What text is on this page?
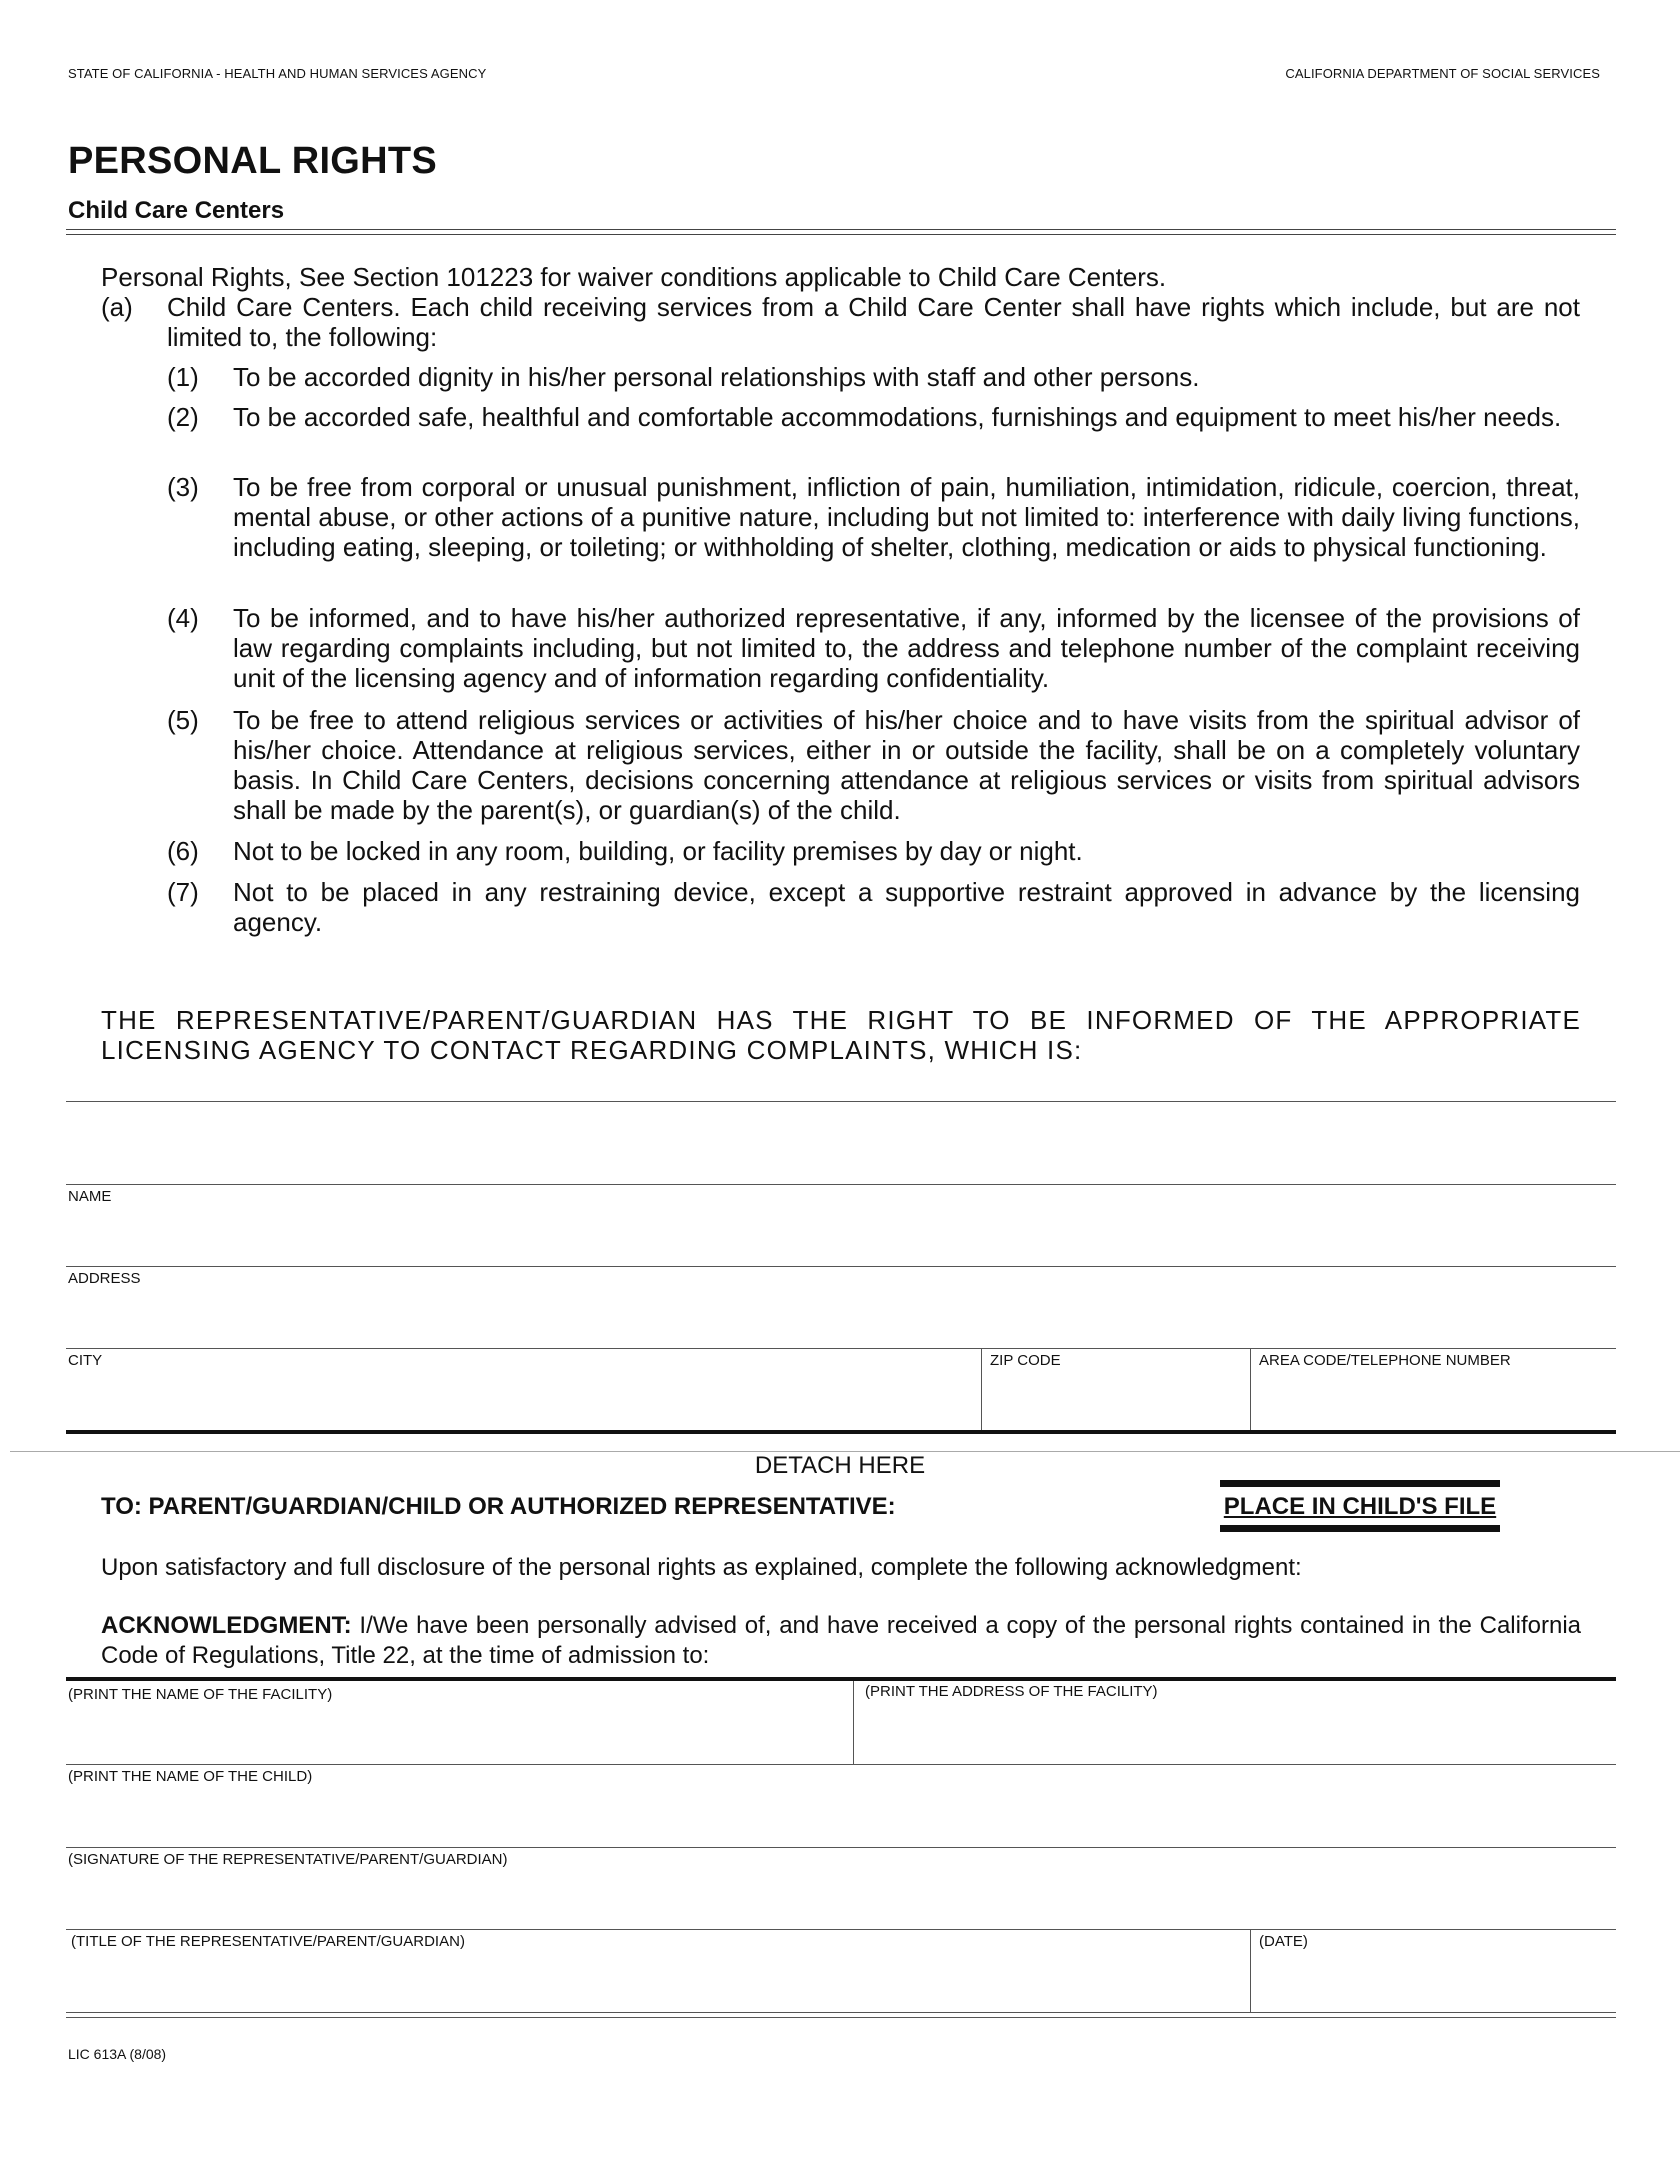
STATE OF CALIFORNIA - HEALTH AND HUMAN SERVICES AGENCY	CALIFORNIA DEPARTMENT OF SOCIAL SERVICES
PERSONAL RIGHTS
Child Care Centers
Personal Rights, See Section 101223 for waiver conditions applicable to Child Care Centers.
(a) Child Care Centers. Each child receiving services from a Child Care Center shall have rights which include, but are not limited to, the following:
(1) To be accorded dignity in his/her personal relationships with staff and other persons.
(2) To be accorded safe, healthful and comfortable accommodations, furnishings and equipment to meet his/her needs.
(3) To be free from corporal or unusual punishment, infliction of pain, humiliation, intimidation, ridicule, coercion, threat, mental abuse, or other actions of a punitive nature, including but not limited to: interference with daily living functions, including eating, sleeping, or toileting; or withholding of shelter, clothing, medication or aids to physical functioning.
(4) To be informed, and to have his/her authorized representative, if any, informed by the licensee of the provisions of law regarding complaints including, but not limited to, the address and telephone number of the complaint receiving unit of the licensing agency and of information regarding confidentiality.
(5) To be free to attend religious services or activities of his/her choice and to have visits from the spiritual advisor of his/her choice. Attendance at religious services, either in or outside the facility, shall be on a completely voluntary basis. In Child Care Centers, decisions concerning attendance at religious services or visits from spiritual advisors shall be made by the parent(s), or guardian(s) of the child.
(6) Not to be locked in any room, building, or facility premises by day or night.
(7) Not to be placed in any restraining device, except a supportive restraint approved in advance by the licensing agency.
THE REPRESENTATIVE/PARENT/GUARDIAN HAS THE RIGHT TO BE INFORMED OF THE APPROPRIATE LICENSING AGENCY TO CONTACT REGARDING COMPLAINTS, WHICH IS:
NAME
ADDRESS
CITY	ZIP CODE	AREA CODE/TELEPHONE NUMBER
DETACH HERE
TO: PARENT/GUARDIAN/CHILD OR AUTHORIZED REPRESENTATIVE:	PLACE IN CHILD'S FILE
Upon satisfactory and full disclosure of the personal rights as explained, complete the following acknowledgment:
ACKNOWLEDGMENT: I/We have been personally advised of, and have received a copy of the personal rights contained in the California Code of Regulations, Title 22, at the time of admission to:
(PRINT THE NAME OF THE FACILITY)	(PRINT THE ADDRESS OF THE FACILITY)
(PRINT THE NAME OF THE CHILD)
(SIGNATURE OF THE REPRESENTATIVE/PARENT/GUARDIAN)
(TITLE OF THE REPRESENTATIVE/PARENT/GUARDIAN)	(DATE)
LIC 613A (8/08)
